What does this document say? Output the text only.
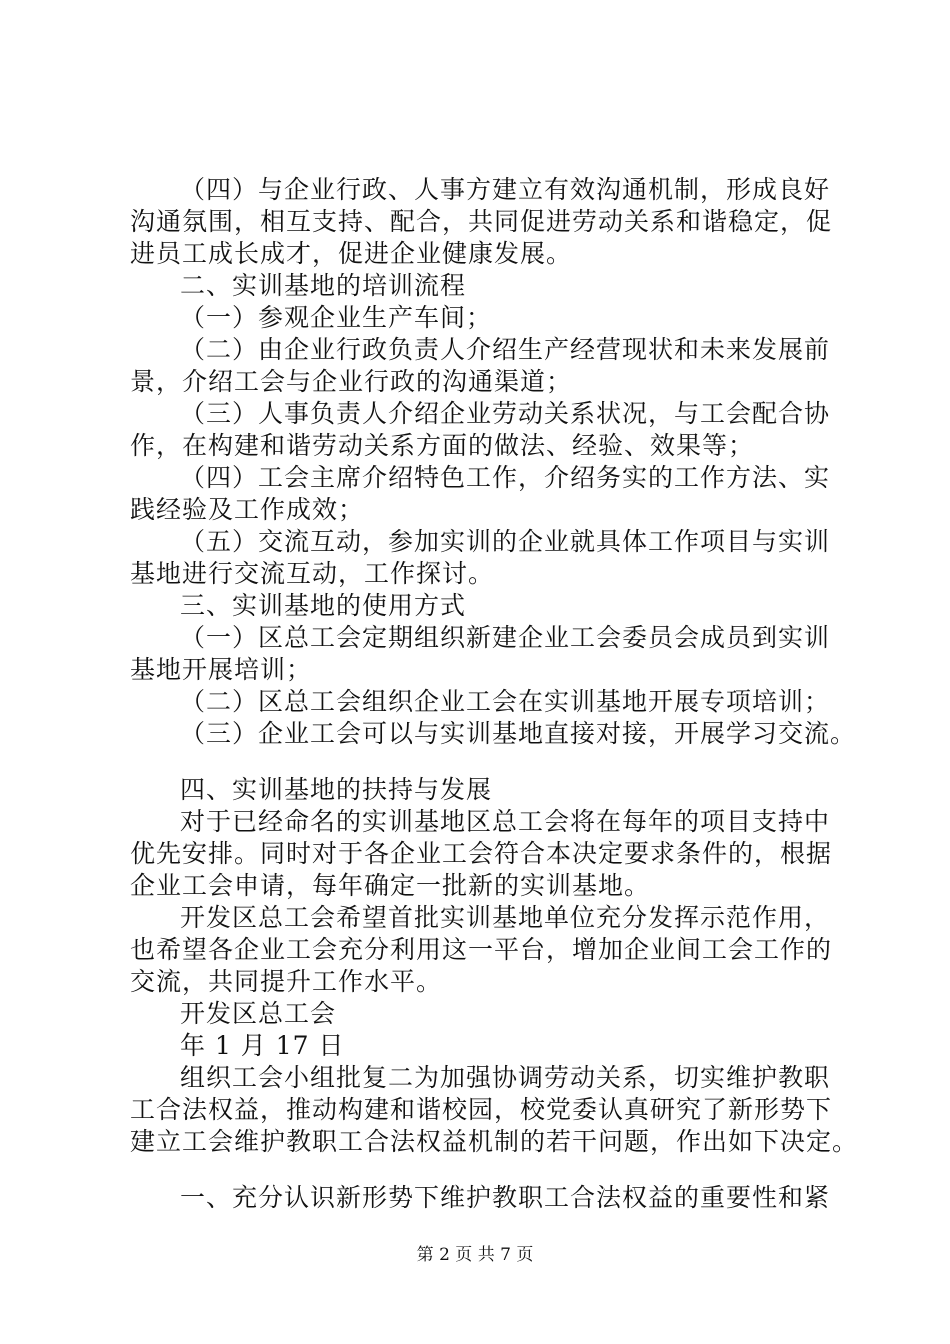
（四）与企业行政、人事方建立有效沟通机制，形成良好
沟通氛围，相互支持、配合，共同促进劳动关系和谐稳定，促
进员工成长成才，促进企业健康发展。
二、实训基地的培训流程
（一）参观企业生产车间；
（二）由企业行政负责人介绍生产经营现状和未来发展前
景，介绍工会与企业行政的沟通渠道；
（三）人事负责人介绍企业劳动关系状况，与工会配合协
作，在构建和谐劳动关系方面的做法、经验、效果等；
（四）工会主席介绍特色工作，介绍务实的工作方法、实
践经验及工作成效；
（五）交流互动，参加实训的企业就具体工作项目与实训
基地进行交流互动，工作探讨。
三、实训基地的使用方式
（一）区总工会定期组织新建企业工会委员会成员到实训
基地开展培训；
（二）区总工会组织企业工会在实训基地开展专项培训；
（三）企业工会可以与实训基地直接对接，开展学习交流。
四、实训基地的扶持与发展
对于已经命名的实训基地区总工会将在每年的项目支持中
优先安排。同时对于各企业工会符合本决定要求条件的，根据
企业工会申请，每年确定一批新的实训基地。
开发区总工会希望首批实训基地单位充分发挥示范作用，
也希望各企业工会充分利用这一平台，增加企业间工会工作的
交流，共同提升工作水平。
开发区总工会
年 1 月 17 日
组织工会小组批复二为加强协调劳动关系，切实维护教职
工合法权益，推动构建和谐校园，校党委认真研究了新形势下
建立工会维护教职工合法权益机制的若干问题，作出如下决定。
一、充分认识新形势下维护教职工合法权益的重要性和紧
第 2 页 共 7 页
